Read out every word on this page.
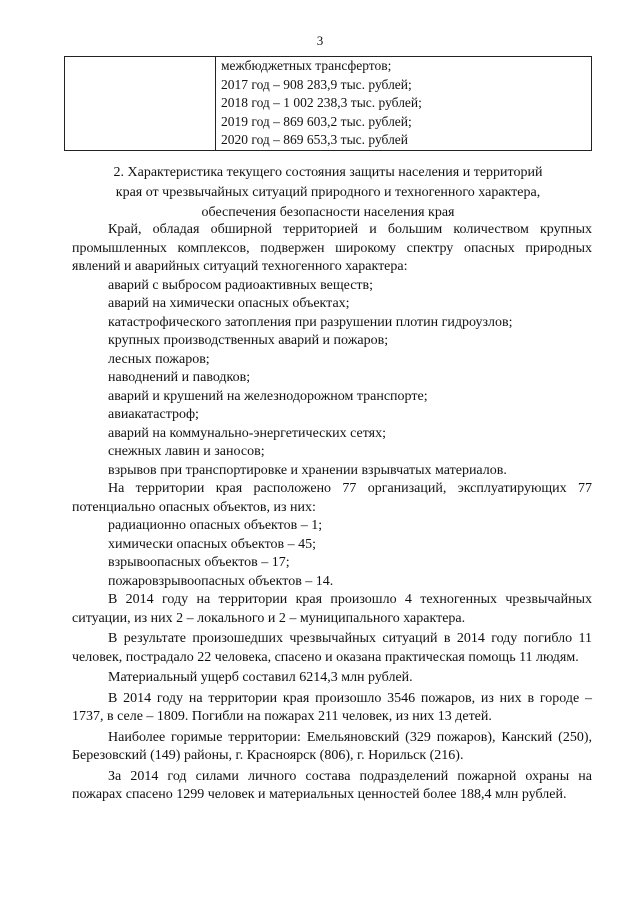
3

межбюджетных трансфертов;
2017 год – 908 283,9 тыс. рублей;
2018 год – 1 002 238,3 тыс. рублей;
2019 год – 869 603,2 тыс. рублей;
2020 год – 869 653,3 тыс. рублей
2. Характеристика текущего состояния защиты населения и территорий
края от чрезвычайных ситуаций природного и техногенного характера,
обеспечения безопасности населения края

Край, обладая обширной территорией и большим количеством крупных промышленных комплексов, подвержен широкому спектру опасных природных явлений и аварийных ситуаций техногенного характера:

аварий с выбросом радиоактивных веществ;

аварий на химически опасных объектах;

катастрофического затопления при разрушении плотин гидроузлов;

крупных производственных аварий и пожаров;

лесных пожаров;

наводнений и паводков;

аварий и крушений на железнодорожном транспорте;

авиакатастроф;

аварий на коммунально-энергетических сетях;

снежных лавин и заносов;

взрывов при транспортировке и хранении взрывчатых материалов.

На территории края расположено 77 организаций, эксплуатирующих 77 потенциально опасных объектов, из них:

радиационно опасных объектов – 1;

химически опасных объектов – 45;

взрывоопасных объектов – 17;

пожаровзрывоопасных объектов – 14.

В 2014 году на территории края произошло 4 техногенных чрезвычайных ситуации, из них 2 – локального и 2 – муниципального характера.

В результате произошедших чрезвычайных ситуаций в 2014 году погибло 11 человек, пострадало 22 человека, спасено и оказана практическая помощь 11 людям.

Материальный ущерб составил 6214,3 млн рублей.

В 2014 году на территории края произошло 3546 пожаров, из них в городе – 1737, в селе – 1809. Погибли на пожарах 211 человек, из них 13 детей.

Наиболее горимые территории: Емельяновский (329 пожаров), Канский (250), Березовский (149) районы, г. Красноярск (806), г. Норильск (216).

За 2014 год силами личного состава подразделений пожарной охраны на пожарах спасено 1299 человек и материальных ценностей более 188,4 млн рублей.
